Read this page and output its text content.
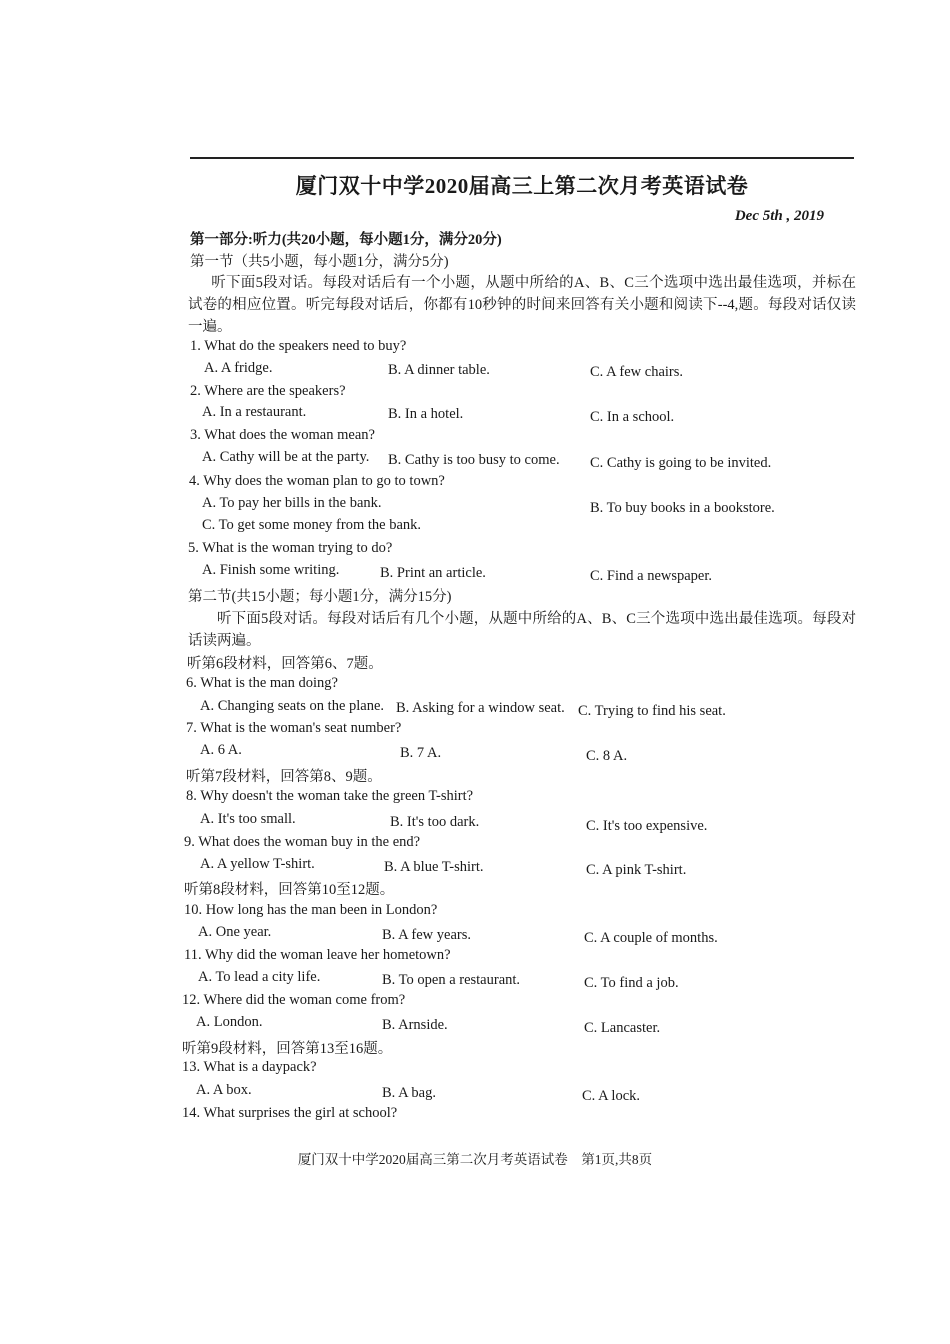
厦门双十中学2020届高三上第二次月考英语试卷
Dec 5th , 2019
第一部分:听力(共20小题，每小题1分，满分20分)
第一节（共5小题，每小题1分，满分5分)
听下面5段对话。每段对话后有一个小题，从题中所给的A、B、C三个选项中选出最佳选项，并标在试卷的相应位置。听完每段对话后，你都有10秒钟的时间来回答有关小题和阅读下--4,题。每段对话仅读一遍。
1. What do the speakers need to buy?
A. A fridge.	B. A dinner table.	C. A few chairs.
2. Where are the speakers?
A. In a restaurant.	B. In a hotel.	C. In a school.
3. What does the woman mean?
A. Cathy will be at the party. B. Cathy is too busy to come. C. Cathy is going to be invited.
4. Why does the woman plan to go to town?
A. To pay her bills in the bank.	B. To buy books in a bookstore.
C. To get some money from the bank.
5. What is the woman trying to do?
A. Finish some writing.	B. Print an article.	C. Find a newspaper.
第二节(共15小题；每小题1分，满分15分)
听下面5段对话。每段对话后有几个小题，从题中所给的A、B、C三个选项中选出最佳选项。每段对话读两遍。
听第6段材料，回答第6、7题。
6. What is the man doing?
A. Changing seats on the plane. B. Asking for a window seat. C. Trying to find his seat.
7. What is the woman's seat number?
A. 6 A.	B. 7 A.	C. 8 A.
听第7段材料，回答第8、9题。
8. Why doesn't the woman take the green T-shirt?
A. It's too small.	B. It's too dark.	C. It's too expensive.
9. What does the woman buy in the end?
A. A yellow T-shirt.	B. A blue T-shirt.	C. A pink T-shirt.
听第8段材料，回答第10至12题。
10. How long has the man been in London?
A. One year.	B. A few years.	C. A couple of months.
11. Why did the woman leave her hometown?
A. To lead a city life.	B. To open a restaurant.	C. To find a job.
12. Where did the woman come from?
A. London.	B. Arnside.	C. Lancaster.
听第9段材料，回答第13至16题。
13. What is a daypack?
A. A box.	B. A bag.	C. A lock.
14. What surprises the girl at school?
厦门双十中学2020届高三第二次月考英语试卷　第1页,共8页
